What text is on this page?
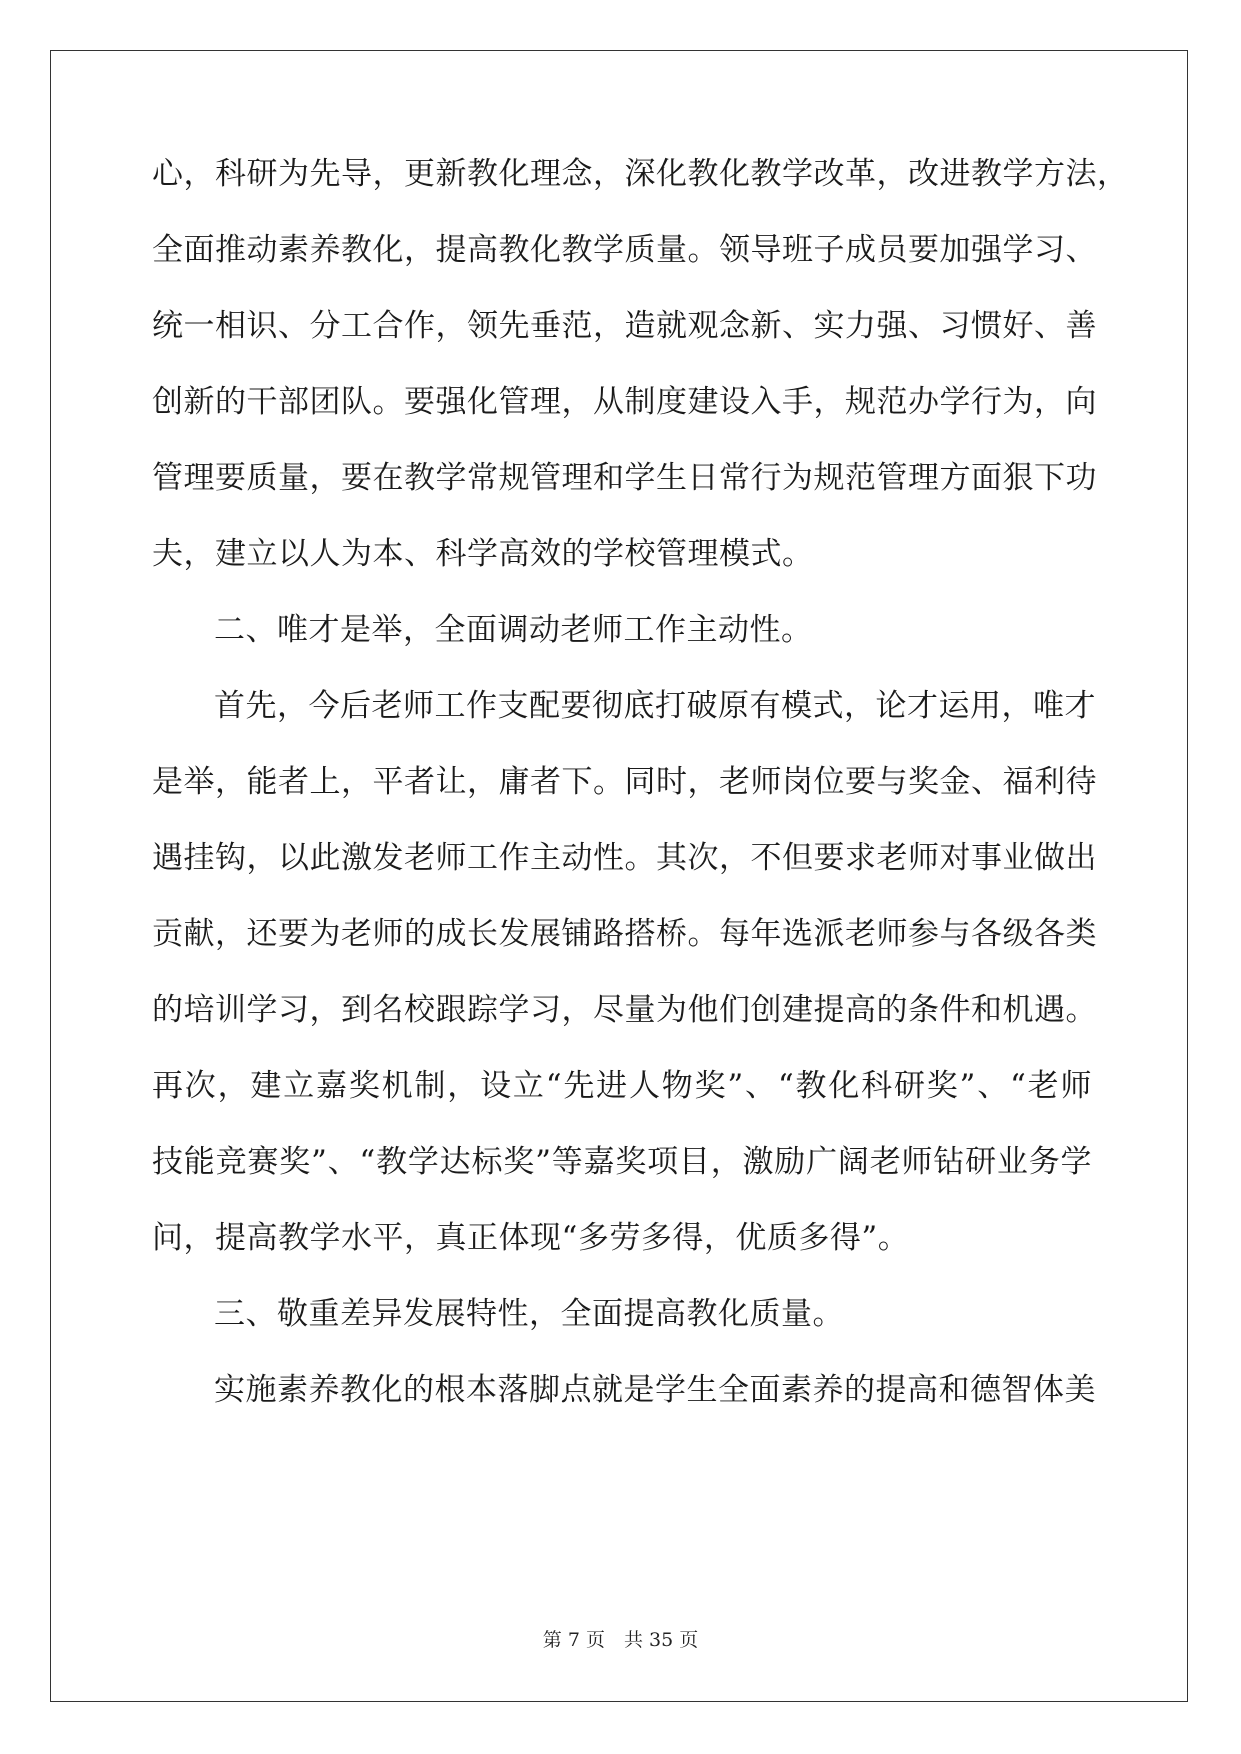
心，科研为先导，更新教化理念，深化教化教学改革，改进教学方法，
全面推动素养教化，提高教化教学质量。领导班子成员要加强学习、
统一相识、分工合作，领先垂范，造就观念新、实力强、习惯好、善
创新的干部团队。要强化管理，从制度建设入手，规范办学行为，向
管理要质量，要在教学常规管理和学生日常行为规范管理方面狠下功
夫，建立以人为本、科学高效的学校管理模式。
二、唯才是举，全面调动老师工作主动性。
首先，今后老师工作支配要彻底打破原有模式，论才运用，唯才
是举，能者上，平者让，庸者下。同时，老师岗位要与奖金、福利待
遇挂钩，以此激发老师工作主动性。其次，不但要求老师对事业做出
贡献，还要为老师的成长发展铺路搭桥。每年选派老师参与各级各类
的培训学习，到名校跟踪学习，尽量为他们创建提高的条件和机遇。
再次，建立嘉奖机制，设立“先进人物奖”、“教化科研奖”、“老师
技能竞赛奖”、“教学达标奖”等嘉奖项目，激励广阔老师钻研业务学
问，提高教学水平，真正体现“多劳多得，优质多得”。
三、敬重差异发展特性，全面提高教化质量。
实施素养教化的根本落脚点就是学生全面素养的提高和德智体美
第 7 页　共 35 页
